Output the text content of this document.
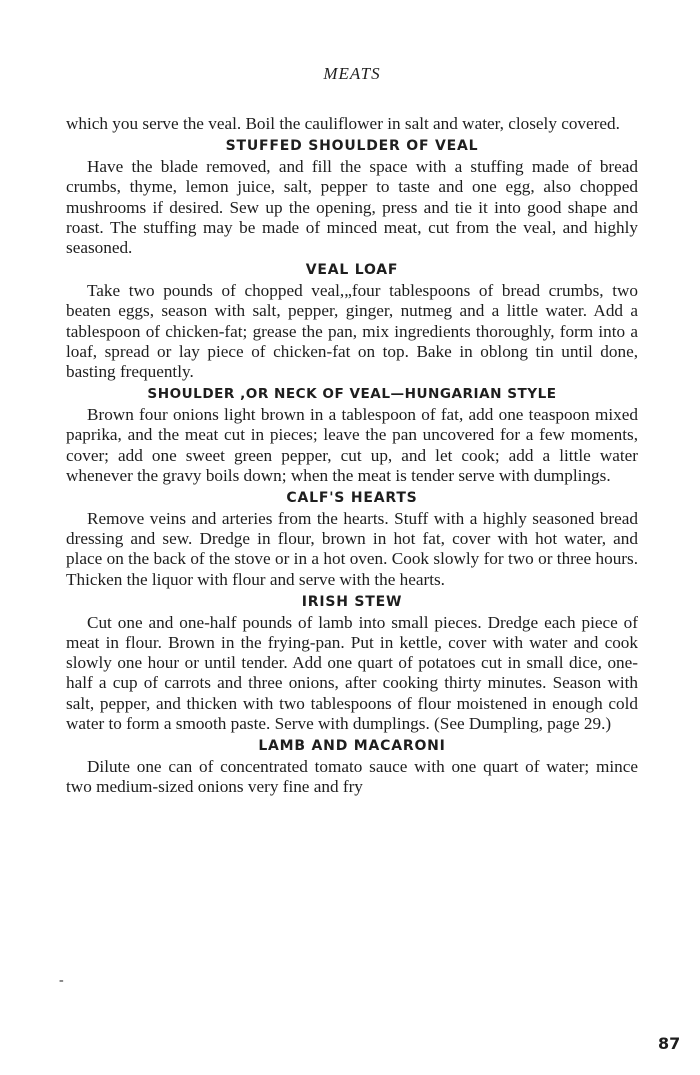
MEATS

which you serve the veal. Boil the cauliflower in salt and water, closely covered.

STUFFED SHOULDER OF VEAL

Have the blade removed, and fill the space with a stuffing made of bread crumbs, thyme, lemon juice, salt, pepper to taste and one egg, also chopped mushrooms if desired. Sew up the opening, press and tie it into good shape and roast. The stuffing may be made of minced meat, cut from the veal, and highly seasoned.

VEAL LOAF

Take two pounds of chopped veal,„four tablespoons of bread crumbs, two beaten eggs, season with salt, pepper, ginger, nutmeg and a little water. Add a tablespoon of chicken-fat; grease the pan, mix ingredients thoroughly, form into a loaf, spread or lay piece of chicken-fat on top. Bake in oblong tin until done, basting frequently.

SHOULDER ,OR NECK OF VEAL—HUNGARIAN STYLE

Brown four onions light brown in a tablespoon of fat, add one teaspoon mixed paprika, and the meat cut in pieces; leave the pan uncovered for a few moments, cover; add one sweet green pepper, cut up, and let cook; add a little water whenever the gravy boils down; when the meat is tender serve with dumplings.

CALF'S HEARTS

Remove veins and arteries from the hearts. Stuff with a highly seasoned bread dressing and sew. Dredge in flour, brown in hot fat, cover with hot water, and place on the back of the stove or in a hot oven. Cook slowly for two or three hours. Thicken the liquor with flour and serve with the hearts.

IRISH STEW

Cut one and one-half pounds of lamb into small pieces. Dredge each piece of meat in flour. Brown in the frying-pan. Put in kettle, cover with water and cook slowly one hour or until tender. Add one quart of potatoes cut in small dice, one-half a cup of carrots and three onions, after cooking thirty minutes. Season with salt, pepper, and thicken with two tablespoons of flour moistened in enough cold water to form a smooth paste. Serve with dumplings. (See Dumpling, page 29.)

LAMB AND MACARONI

Dilute one can of concentrated tomato sauce with one quart of water; mince two medium-sized onions very fine and fry

-
87
